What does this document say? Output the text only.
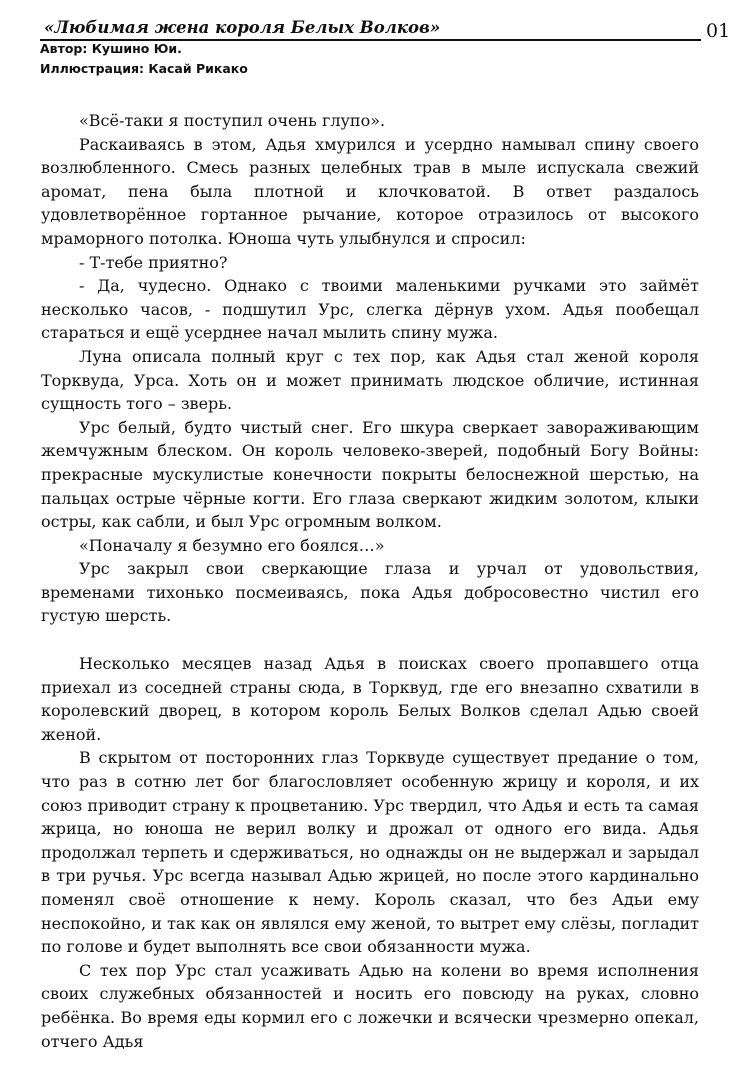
«Любимая жена короля Белых Волков»	01
Автор: Кушино Юи.
Иллюстрация: Касай Рикако

«Всё-таки я поступил очень глупо».

Раскаиваясь в этом, Адья хмурился и усердно намывал спину своего возлюбленного. Смесь разных целебных трав в мыле испускала свежий аромат, пена была плотной и клочковатой. В ответ раздалось удовлетворённое гортанное рычание, которое отразилось от высокого мраморного потолка. Юноша чуть улыбнулся и спросил:

- Т-тебе приятно?

- Да, чудесно. Однако с твоими маленькими ручками это займёт несколько часов, - подшутил Урс, слегка дёрнув ухом. Адья пообещал стараться и ещё усерднее начал мылить спину мужа.

Луна описала полный круг с тех пор, как Адья стал женой короля Торквуда, Урса. Хоть он и может принимать людское обличие, истинная сущность того – зверь.

Урс белый, будто чистый снег. Его шкура сверкает завораживающим жемчужным блеском. Он король человеко-зверей, подобный Богу Войны: прекрасные мускулистые конечности покрыты белоснежной шерстью, на пальцах острые чёрные когти. Его глаза сверкают жидким золотом, клыки остры, как сабли, и был Урс огромным волком.

«Поначалу я безумно его боялся…»

Урс закрыл свои сверкающие глаза и урчал от удовольствия, временами тихонько посмеиваясь, пока Адья добросовестно чистил его густую шерсть.

Несколько месяцев назад Адья в поисках своего пропавшего отца приехал из соседней страны сюда, в Торквуд, где его внезапно схватили в королевский дворец, в котором король Белых Волков сделал Адью своей женой.

В скрытом от посторонних глаз Торквуде существует предание о том, что раз в сотню лет бог благословляет особенную жрицу и короля, и их союз приводит страну к процветанию. Урс твердил, что Адья и есть та самая жрица, но юноша не верил волку и дрожал от одного его вида. Адья продолжал терпеть и сдерживаться, но однажды он не выдержал и зарыдал в три ручья. Урс всегда называл Адью жрицей, но после этого кардинально поменял своё отношение к нему. Король сказал, что без Адьи ему неспокойно, и так как он являлся ему женой, то вытрет ему слёзы, погладит по голове и будет выполнять все свои обязанности мужа.

С тех пор Урс стал усаживать Адью на колени во время исполнения своих служебных обязанностей и носить его повсюду на руках, словно ребёнка. Во время еды кормил его с ложечки и всячески чрезмерно опекал, отчего Адья
